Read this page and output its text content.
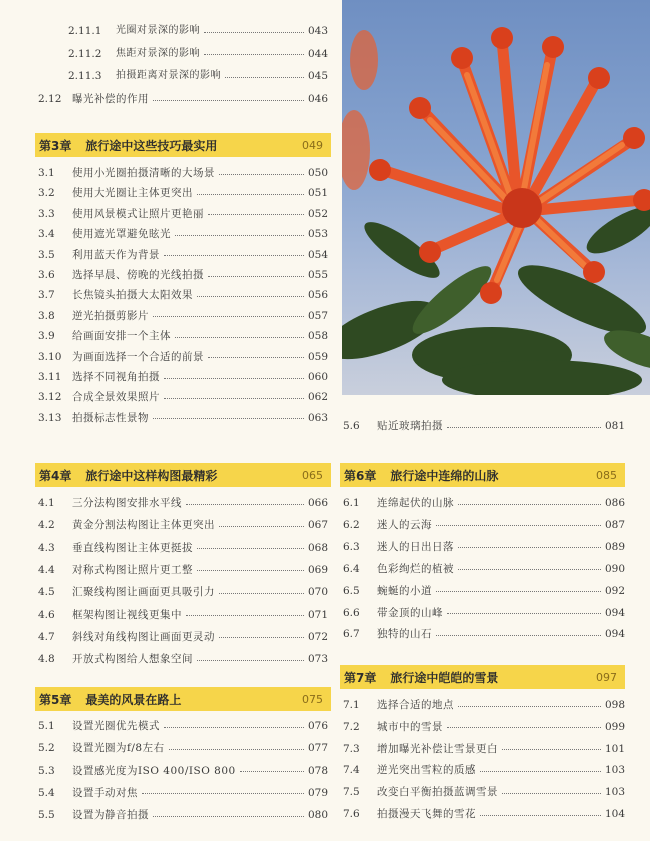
2.11.1	光圈对景深的影响	043
2.11.2	焦距对景深的影响	044
2.11.3	拍摄距离对景深的影响	045
2.12	曝光补偿的作用	046
第3章 旅行途中这些技巧最实用	049
3.1	使用小光圈拍摄清晰的大场景	050
3.2	使用大光圈让主体更突出	051
3.3	使用风景模式让照片更艳丽	052
3.4	使用遮光罩避免眩光	053
3.5	利用蓝天作为背景	054
3.6	选择早晨、傍晚的光线拍摄	055
3.7	长焦镜头拍摄大太阳效果	056
3.8	逆光拍摄剪影片	057
3.9	给画面安排一个主体	058
3.10	为画面选择一个合适的前景	059
3.11	选择不同视角拍摄	060
3.12	合成全景效果照片	062
3.13	拍摄标志性景物	063
第4章 旅行途中这样构图最精彩	065
4.1	三分法构图安排水平线	066
4.2	黄金分割法构图让主体更突出	067
4.3	垂直线构图让主体更挺拔	068
4.4	对称式构图让照片更工整	069
4.5	汇聚线构图让画面更具吸引力	070
4.6	框架构图让视线更集中	071
4.7	斜线对角线构图让画面更灵动	072
4.8	开放式构图给人想象空间	073
第5章 最美的风景在路上	075
5.1	设置光圈优先模式	076
5.2	设置光圈为f/8左右	077
5.3	设置感光度为ISO 400/ISO 800	078
5.4	设置手动对焦	079
5.5	设置为静音拍摄	080
5.6	贴近玻璃拍摄	081
第6章 旅行途中连绵的山脉	085
6.1	连绵起伏的山脉	086
6.2	迷人的云海	087
6.3	迷人的日出日落	089
6.4	色彩绚烂的植被	090
6.5	蜿蜒的小道	092
6.6	带金顶的山峰	094
6.7	独特的山石	094
第7章 旅行途中皑皑的雪景	097
7.1	选择合适的地点	098
7.2	城市中的雪景	099
7.3	增加曝光补偿让雪景更白	101
7.4	逆光突出雪粒的质感	103
7.5	改变白平衡拍摄蓝调雪景	103
7.6	拍摄漫天飞舞的雪花	104
